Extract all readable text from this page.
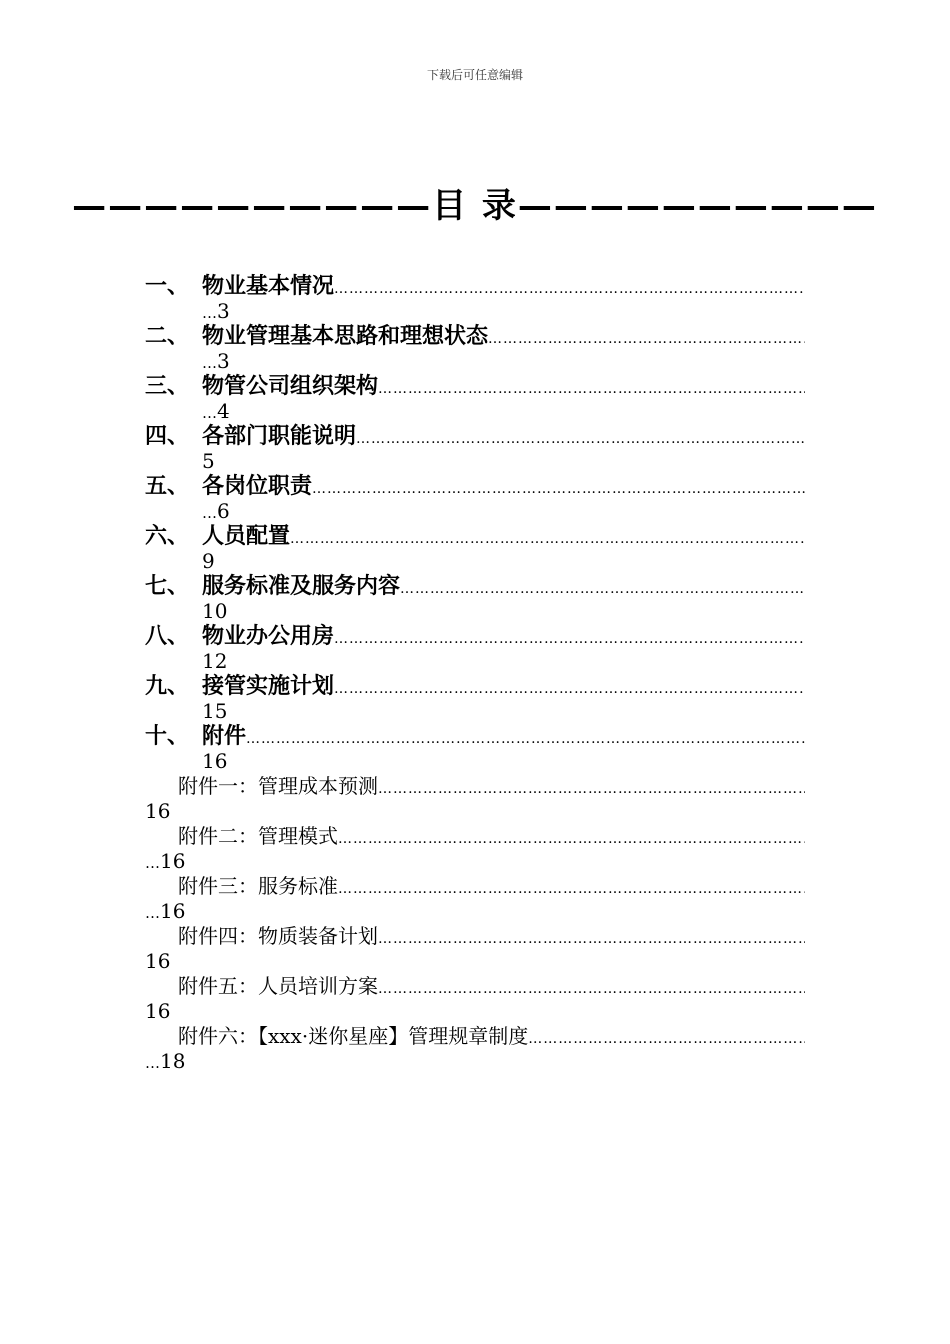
下载后可任意编辑
——————————目 录——————————
一、 物业基本情况
……………………………………………………………………………………………………………………………………………………………………………………
…3
二、 物业管理基本思路和理想状态
……………………………………………………………………………………………………………………………………………………………………………………
…3
三、 物管公司组织架构
……………………………………………………………………………………………………………………………………………………………………………………
…4
四、 各部门职能说明
……………………………………………………………………………………………………………………………………………………………………………………
5
五、 各岗位职责
……………………………………………………………………………………………………………………………………………………………………………………
…6
六、 人员配置
……………………………………………………………………………………………………………………………………………………………………………………
9
七、 服务标准及服务内容
……………………………………………………………………………………………………………………………………………………………………………………
10
八、 物业办公用房
……………………………………………………………………………………………………………………………………………………………………………………
12
九、 接管实施计划
……………………………………………………………………………………………………………………………………………………………………………………
15
十、 附件
……………………………………………………………………………………………………………………………………………………………………………………
16
附件一：管理成本预测
……………………………………………………………………………………………………………………………………………………………………………………
16
附件二：管理模式
……………………………………………………………………………………………………………………………………………………………………………………
…16
附件三：服务标准
……………………………………………………………………………………………………………………………………………………………………………………
…16
附件四：物质装备计划
……………………………………………………………………………………………………………………………………………………………………………………
16
附件五：人员培训方案
……………………………………………………………………………………………………………………………………………………………………………………
16
附件六：【xxx·迷你星座】管理规章制度
……………………………………………………………………………………………………………………………………………………………………………………
…18
